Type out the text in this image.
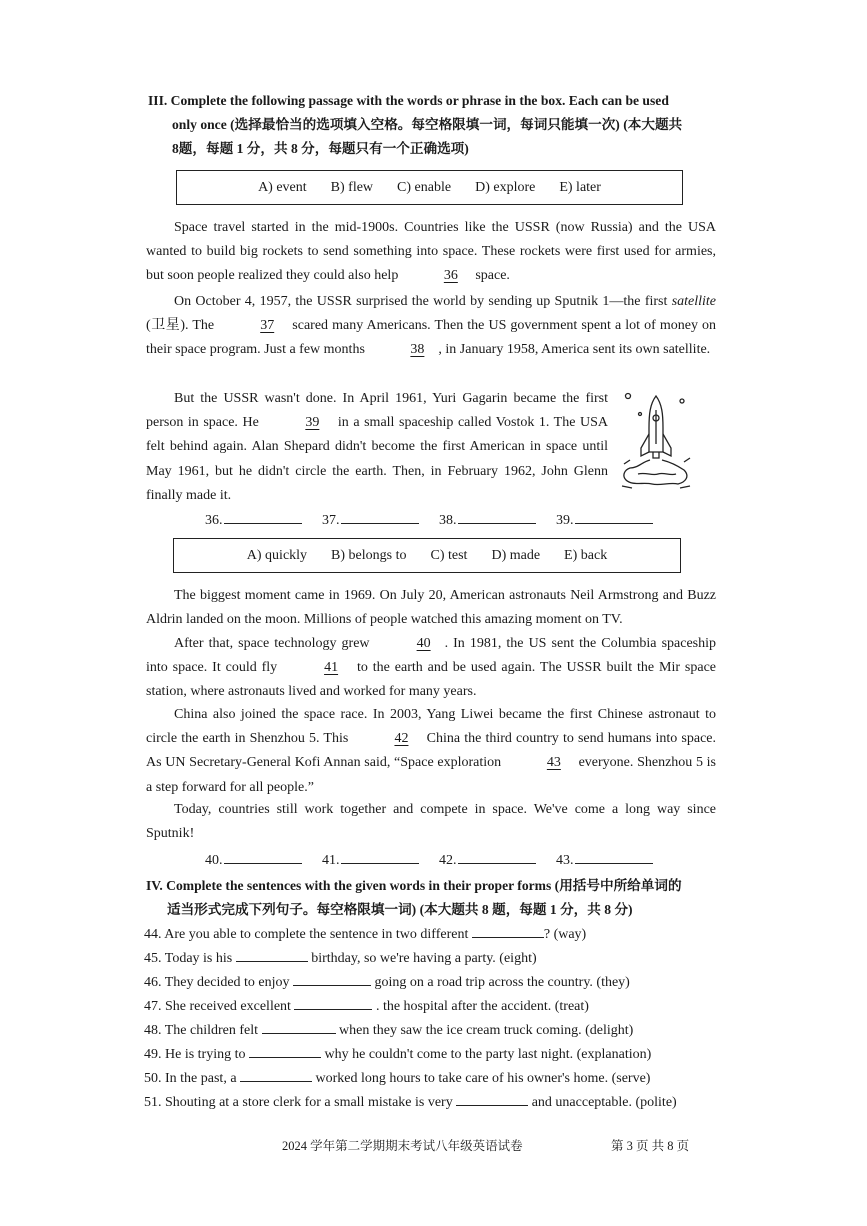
III. Complete the following passage with the words or phrase in the box. Each can be used
only once (选择最恰当的选项填入空格。每空格限填一词，每词只能填一次) (本大题共
8题，每题 1 分，共 8 分，每题只有一个正确选项)
A) event B) flew C) enable D) explore E) later
Space travel started in the mid-1900s. Countries like the USSR (now Russia) and the USA wanted to build big rockets to send something into space. These rockets were first used for armies, but soon people realized they could also help	36 space.
On October 4, 1957, the USSR surprised the world by sending up Sputnik 1—the first satellite (卫星). The	37 scared many Americans. Then the US government spent a lot of money on their space program. Just a few months	38 , in January 1958, America sent its own satellite.
But the USSR wasn't done. In April 1961, Yuri Gagarin became the first person in space. He	39 in a small spaceship called Vostok 1. The USA felt behind again. Alan Shepard didn't become the first American in space until May 1961, but he didn't circle the earth. Then, in February 1962, John Glenn finally made it.
36.	37.	38.	39.
A) quickly B) belongs to C) test D) made E) back
The biggest moment came in 1969. On July 20, American astronauts Neil Armstrong and Buzz Aldrin landed on the moon. Millions of people watched this amazing moment on TV.
After that, space technology grew	40 . In 1981, the US sent the Columbia spaceship into space. It could fly	41 to the earth and be used again. The USSR built the Mir space station, where astronauts lived and worked for many years.
China also joined the space race. In 2003, Yang Liwei became the first Chinese astronaut to circle the earth in Shenzhou 5. This	42 China the third country to send humans into space. As UN Secretary-General Kofi Annan said, “Space exploration	43 everyone. Shenzhou 5 is a step forward for all people.”
Today, countries still work together and compete in space. We've come a long way since Sputnik!
40.	41.	42.	43.
IV. Complete the sentences with the given words in their proper forms (用括号中所给单词的
适当形式完成下列句子。每空格限填一词) (本大题共 8 题，每题 1 分，共 8 分)
44. Are you able to complete the sentence in two different	? (way)
45. Today is his	birthday, so we're having a party. (eight)
46. They decided to enjoy	going on a road trip across the country. (they)
47. She received excellent	. the hospital after the accident. (treat)
48. The children felt	when they saw the ice cream truck coming. (delight)
49. He is trying to	why he couldn't come to the party last night. (explanation)
50. In the past, a	worked long hours to take care of his owner's home. (serve)
51. Shouting at a store clerk for a small mistake is very	and unacceptable. (polite)
2024 学年第二学期期末考试八年级英语试卷	第 3 页 共 8 页
